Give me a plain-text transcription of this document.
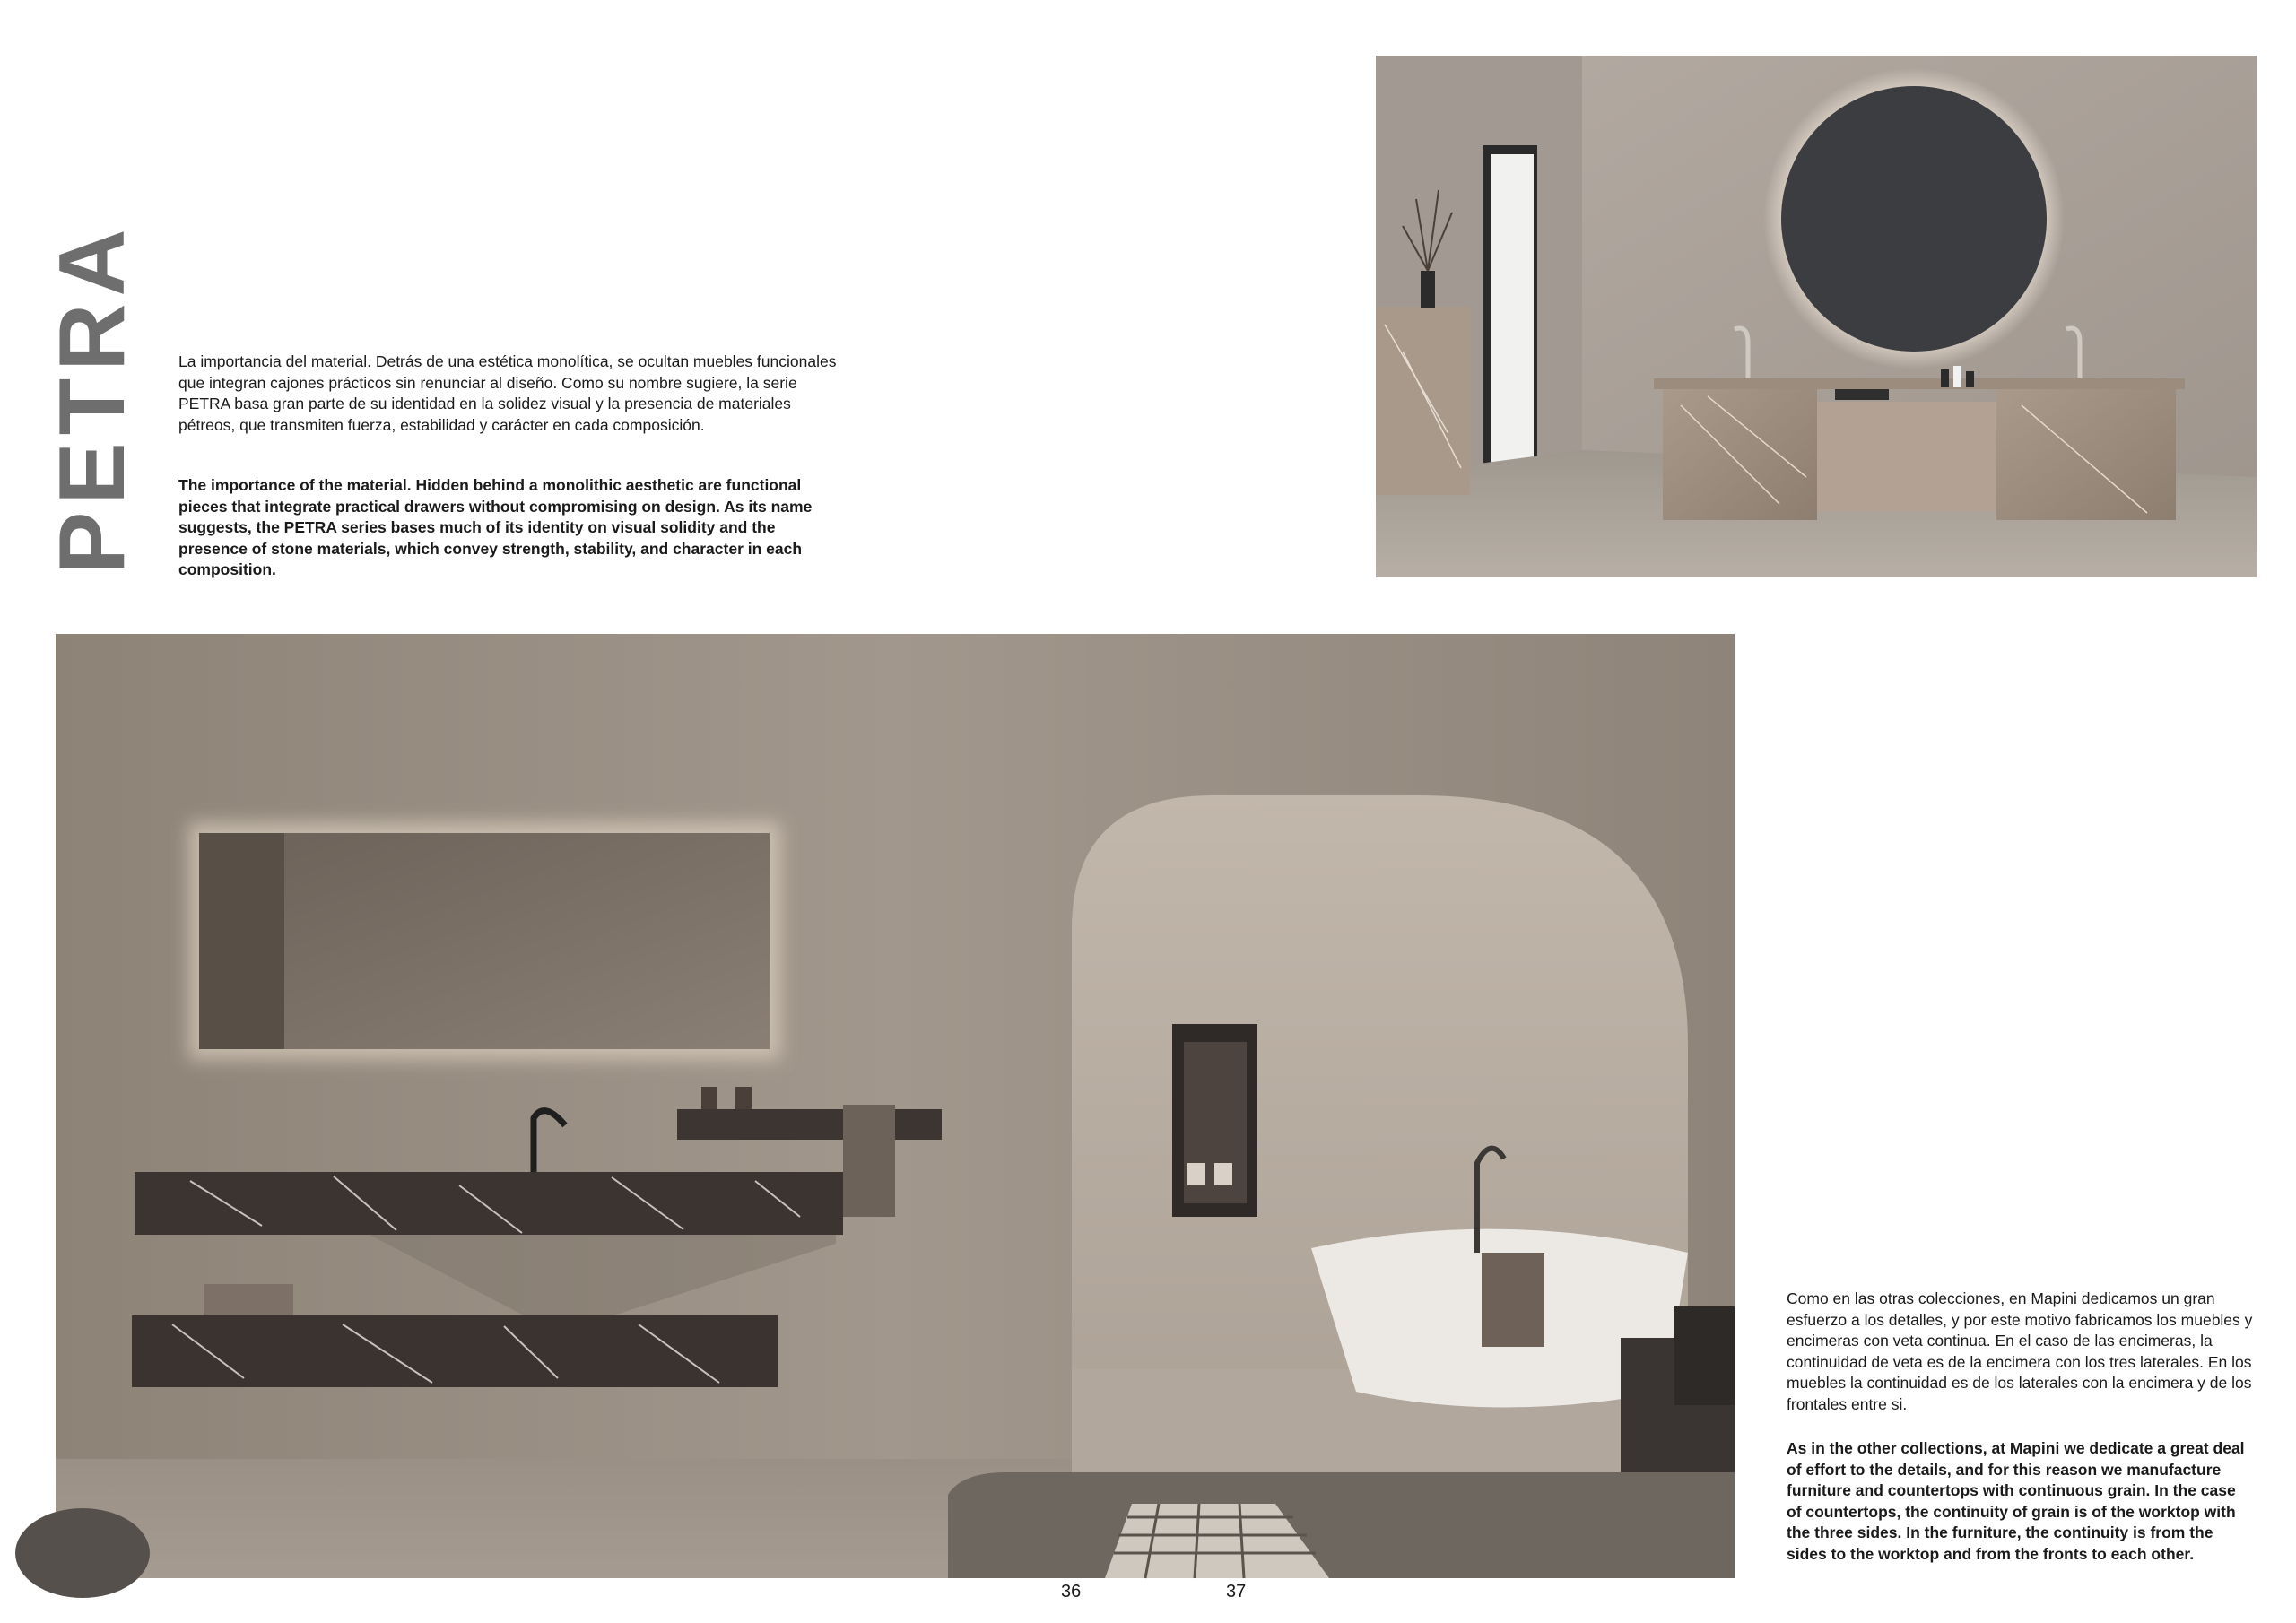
PETRA La importancia del material. Detrás de una estética monolítica, se ocultan muebles funcionales que integran cajones prácticos sin renunciar al diseño. Como su nombre sugiere, la serie PETRA basa gran parte de su identidad en la solidez visual y la presencia de materiales pétreos, que transmiten fuerza, estabilidad y carácter en cada composición.

The importance of the material. Hidden behind a monolithic aesthetic are functional pieces that integrate practical drawers without compromising on design. As its name suggests, the PETRA series bases much of its identity on visual solidity and the presence of stone materials, which convey strength, stability, and character in each composition.

Como en las otras colecciones, en Mapini dedicamos un gran esfuerzo a los detalles, y por este motivo fabricamos los muebles y encimeras con veta continua. En el caso de las encimeras, la continuidad de veta es de la encimera con los tres laterales. En los muebles la continuidad es de los laterales con la encimera y de los frontales entre si.

As in the other collections, at Mapini we dedicate a great deal of effort to the details, and for this reason we manufacture furniture and countertops with continuous grain. In the case of countertops, the continuity of grain is of the worktop with the three sides. In the furniture, the continuity is from the sides to the worktop and from the fronts to each other.

36	37
